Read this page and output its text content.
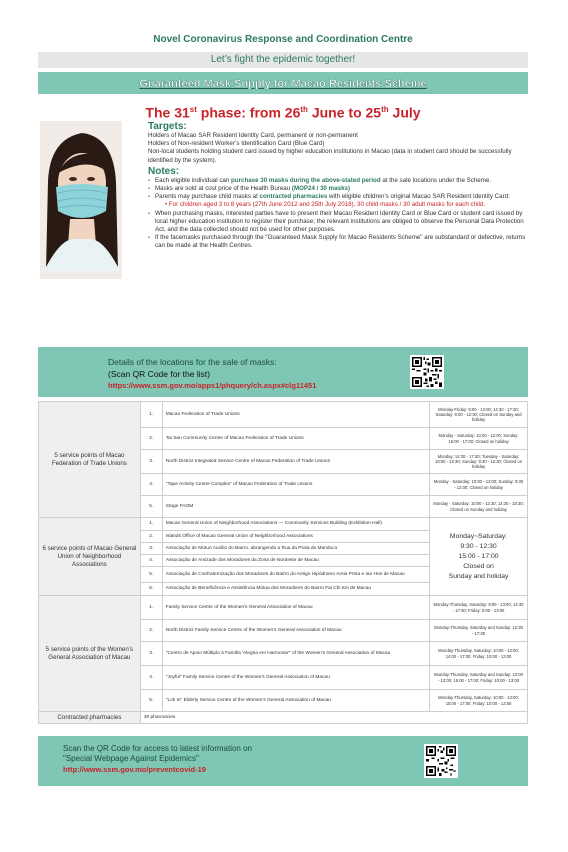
Novel Coronavirus Response and Coordination Centre
Let’s fight the epidemic together!
Guaranteed Mask Supply for Macao Residents Scheme
The 31st phase: from 26th June to 25th July
Targets:
Holders of Macao SAR Resident Identity Card, permanent or non-permanent
Holders of Non-resident Worker’s Identification Card (Blue Card)
Non-local students holding student card issued by higher education institutions in Macao (data in student card should be successfully identified by the system).
Notes:
▪ Each eligible individual can purchase 30 masks during the above-stated period at the sale locations under the Scheme.
▪ Masks are sold at cost price of the Health Bureau (MOP24 / 30 masks)
▪ Parents may purchase child masks at contracted pharmacies with eligible children’s original Macao SAR Resident Identity Card:
• For children aged 3 to 8 years (27th June 2012 and 25th July 2018), 30 child masks / 30 adult masks for each child.
▪ When purchasing masks, interested parties have to present their Macao Resident Identity Card or Blue Card or student card issued by local higher education institution to register their purchase; the relevant institutions are obliged to observe the Personal Data Protection Act, and the data collected should not be used for other purposes.
▪ If the facemasks purchased through the "Guaranteed Mask Supply for Macao Residents Scheme" are substandard or defective, returns can be made at the Health Centres.
Details of the locations for the sale of masks:
(Scan QR Code for the list)
https://www.ssm.gov.mo/apps1/phquery/ch.aspx#clg11451
5 service points of Macao Federation of Trade Unions	1.	Macao Federation of Trade Unions	Monday-Friday: 9:00 - 13:00; 14:30 - 17:30; Saturday: 9:00 - 12:30; Closed on Sunday and holiday
	2.	Tai San Community Centre of Macao Federation of Trade Unions	Monday - Saturday: 10:00 - 12:00; Sunday: 15:00 - 17:00; Closed on holiday
	3.	North District Integrated Service Centre of Macao Federation of Trade Unions	Monday: 14:30 - 17:30; Tuesday - Saturday: 10:00 - 12:30; Sunday: 9:30 - 12:30; Closed on holiday
	4.	"Tape Activity Centre Complex" of Macao Federation of Trade Unions	Monday - Saturday: 10:00 - 12:00; Sunday: 9:30 - 12:00; Closed on holiday
	5.	Stage FAOM	Monday - Saturday: 10:00 - 12:30; 14:30 - 18:30; Closed on Sunday and holiday
6 service points of Macao General Union of Neighborhood Associations	1.	Macao General Union of Neighborhood Associations — Community Services Building (Exhibition Hall)	Monday~Saturday:
9:30 - 12:30
15:00 - 17:00
Closed on
Sunday and holiday

	2.	Islands Office of Macao General Union of Neighborhood Associations	
	3.	Associação de Mútuo Auxílio do Bairro, abrangendo a Rua da Praia do Manduco	
	4.	Associação de Amizade dos Moradores da Zona de Nordeste de Macau	
	5.	Associação de Confraternização dos Moradores do Bairro do Antigo Hipódromo Areia Preta e Iao Hon de Macau	
	6.	Associação de Beneficência e Assistência Mútua dos Moradores do Bairro Fai Chi Kei de Macau	
5 service points of the Women’s General Association of Macau	1.	Family Service Centre of the Women’s General Association of Macau	Monday-Thursday, Saturday: 9:00 - 13:00; 14:30 - 17:30; Friday: 9:00 - 13:00
	2.	North District Family Service Centre of the Women’s General Association of Macau	Monday-Thursday, Saturday and Sunday: 12:30 - 17:30
	3.	"Centro de Apoio Múltiplo à Família 'Alegria em Harmonia'" of the Women’s General Association of Macau	Monday-Thursday, Saturday: 10:00 - 13:00; 14:00 - 17:00; Friday: 10:00 - 13:00
	4.	"Joyful" Family Service Centre of the Women’s General Association of Macau	Monday-Thursday, Saturday and Sunday: 10:00 - 13:00; 15:00 - 17:00; Friday: 10:00 - 13:00
	5.	"Lok In" Elderly Service Centre of the Women’s General Association of Macau	Monday-Thursday, Saturday: 10:00 - 13:00; 15:00 - 17:00; Friday: 10:00 - 13:00
Contracted pharmacies	30 pharmacies		
Scan the QR Code for access to latest information on
"Special Webpage Against Epidemics"
http://www.ssm.gov.mo/preventcovid-19
